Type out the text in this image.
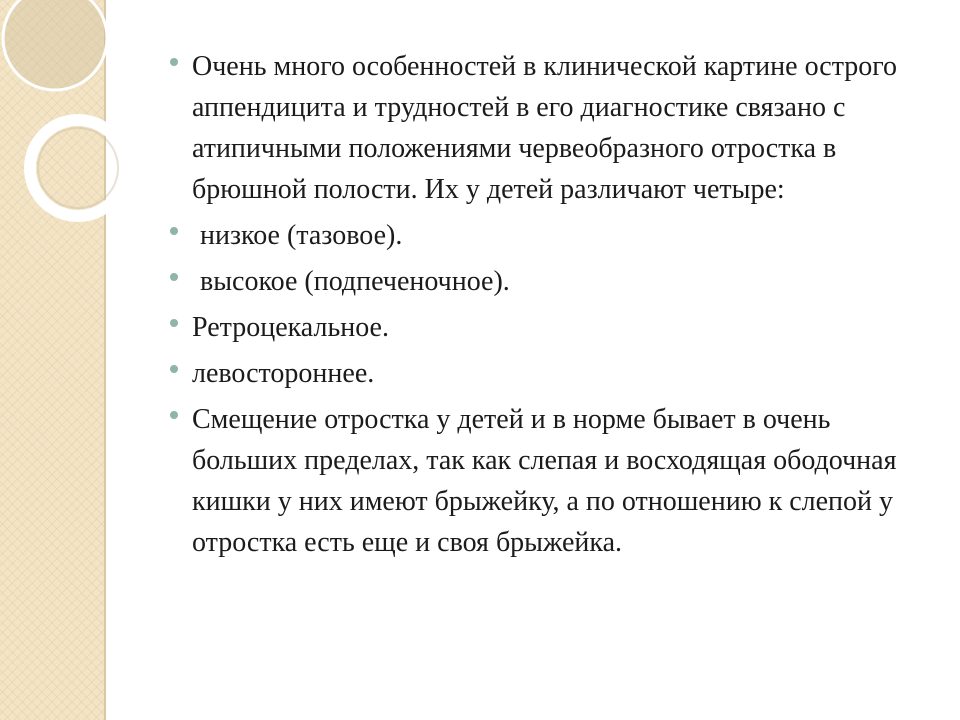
Очень много особенностей в клинической картине острого аппендицита и трудностей в его диагностике связано с атипичными положениями червеобразного отростка в брюшной полости. Их у детей различают четыре:
низкое (тазовое).
высокое (подпеченочное).
Ретроцекальное.
левостороннее.
Смещение отростка у детей и в норме бывает в очень больших пределах, так как слепая и восходящая ободочная кишки у них имеют брыжейку, а по отношению к слепой у отростка есть еще и своя брыжейка.
